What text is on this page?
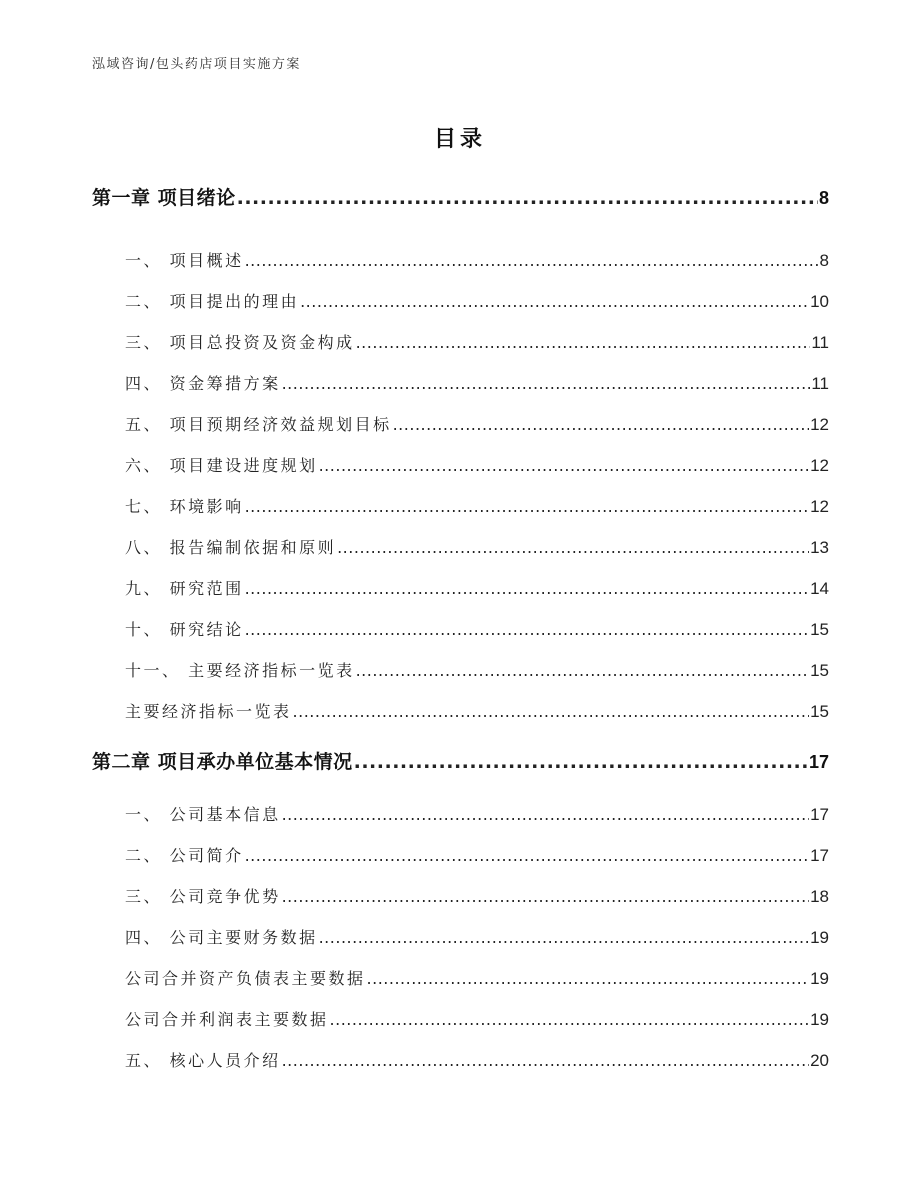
泓域咨询/包头药店项目实施方案
目录
第一章 项目绪论 .....	8
一、 项目概述 .....	8
二、 项目提出的理由 .....	10
三、 项目总投资及资金构成 .....	11
四、 资金筹措方案 .....	11
五、 项目预期经济效益规划目标 .....	12
六、 项目建设进度规划 .....	12
七、 环境影响 .....	12
八、 报告编制依据和原则 .....	13
九、 研究范围 .....	14
十、 研究结论 .....	15
十一、 主要经济指标一览表 .....	15
主要经济指标一览表 .....	15
第二章 项目承办单位基本情况 .....	17
一、 公司基本信息 .....	17
二、 公司简介 .....	17
三、 公司竞争优势 .....	18
四、 公司主要财务数据 .....	19
公司合并资产负债表主要数据 .....	19
公司合并利润表主要数据 .....	19
五、 核心人员介绍 .....	20
